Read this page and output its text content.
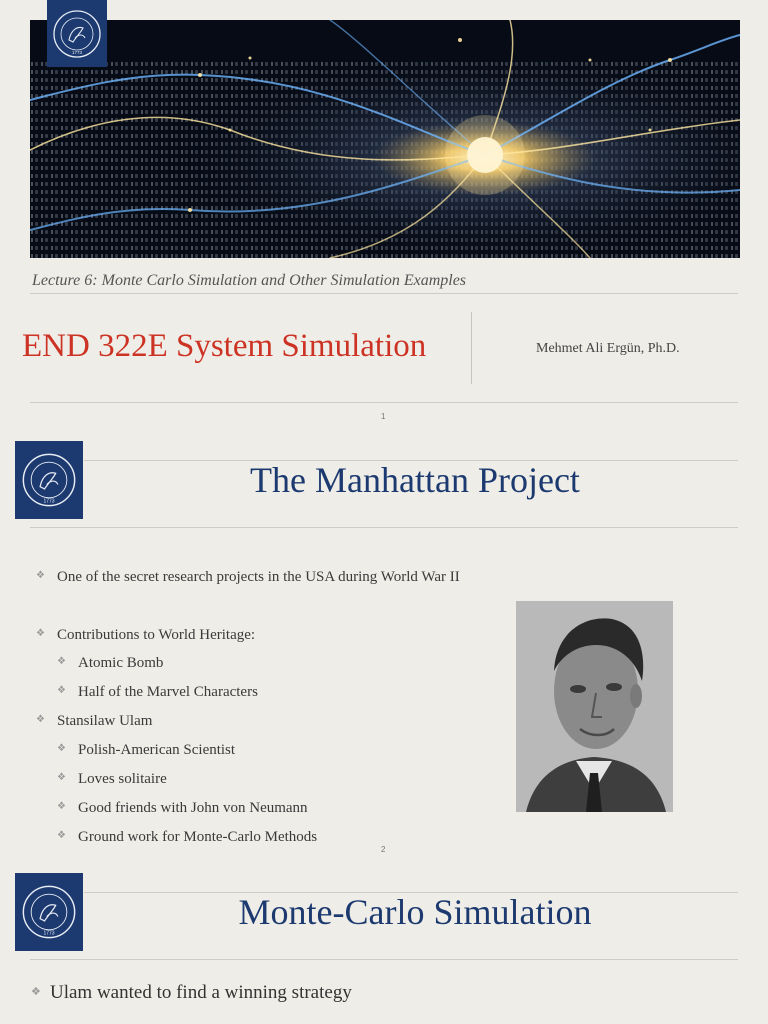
1773
Lecture 6: Monte Carlo Simulation and Other Simulation Examples
END 322E System Simulation	Mehmet Ali Ergün, Ph.D.
1
1773
The Manhattan Project
❖ One of the secret research projects in the USA during World War II
❖ Contributions to World Heritage:
❖ Atomic Bomb
❖ Half of the Marvel Characters
❖ Stansilaw Ulam
❖ Polish-American Scientist
❖ Loves solitaire
❖ Good friends with John von Neumann
❖ Ground work for Monte-Carlo Methods
2
1773
Monte-Carlo Simulation
❖ Ulam wanted to find a winning strategy
